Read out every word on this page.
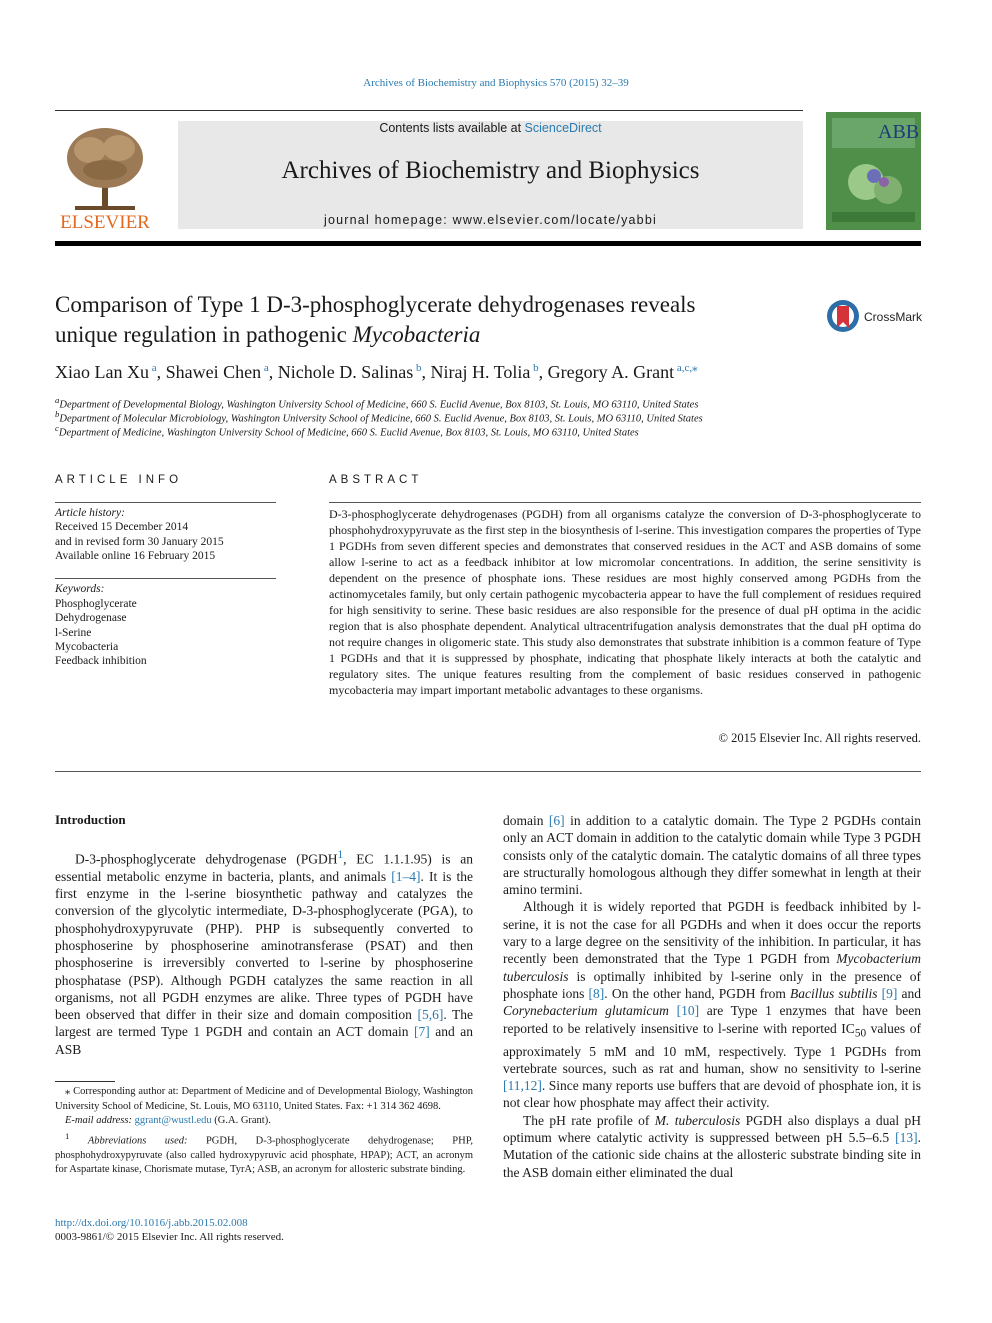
Archives of Biochemistry and Biophysics 570 (2015) 32–39
ELSEVIER
Contents lists available at ScienceDirect
Archives of Biochemistry and Biophysics
journal homepage: www.elsevier.com/locate/yabbi
ABB
Comparison of Type 1 D-3-phosphoglycerate dehydrogenases reveals
unique regulation in pathogenic Mycobacteria
CrossMark
Xiao Lan Xu $^a$, Shawei Chen $^a$, Nichole D. Salinas $^b$, Niraj H. Tolia $^b$, Gregory A. Grant $^{a,c,⁎}$
$^a$Department of Developmental Biology, Washington University School of Medicine, 660 S. Euclid Avenue, Box 8103, St. Louis, MO 63110, United States
$^b$Department of Molecular Microbiology, Washington University School of Medicine, 660 S. Euclid Avenue, Box 8103, St. Louis, MO 63110, United States
$^c$Department of Medicine, Washington University School of Medicine, 660 S. Euclid Avenue, Box 8103, St. Louis, MO 63110, United States
ARTICLE INFO	ABSTRACT
Article history:
Received 15 December 2014
and in revised form 30 January 2015
Available online 16 February 2015
Keywords:
Phosphoglycerate
Dehydrogenase
l-Serine
Mycobacteria
Feedback inhibition
D-3-phosphoglycerate dehydrogenases (PGDH) from all organisms catalyze the conversion of D-3-phosphoglycerate to phosphohydroxypyruvate as the first step in the biosynthesis of l-serine. This investigation compares the properties of Type 1 PGDHs from seven different species and demonstrates that conserved residues in the ACT and ASB domains of some allow l-serine to act as a feedback inhibitor at low micromolar concentrations. In addition, the serine sensitivity is dependent on the presence of phosphate ions. These residues are most highly conserved among PGDHs from the actinomycetales family, but only certain pathogenic mycobacteria appear to have the full complement of residues required for high sensitivity to serine. These basic residues are also responsible for the presence of dual pH optima in the acidic region that is also phosphate dependent. Analytical ultracentrifugation analysis demonstrates that the dual pH optima do not require changes in oligomeric state. This study also demonstrates that substrate inhibition is a common feature of Type 1 PGDHs and that it is suppressed by phosphate, indicating that phosphate likely interacts at both the catalytic and regulatory sites. The unique features resulting from the complement of basic residues conserved in pathogenic mycobacteria may impart important metabolic advantages to these organisms.
© 2015 Elsevier Inc. All rights reserved.
Introduction

D-3-phosphoglycerate dehydrogenase (PGDH$^1$, EC 1.1.1.95) is an essential metabolic enzyme in bacteria, plants, and animals [1–4]. It is the first enzyme in the l-serine biosynthetic pathway and catalyzes the conversion of the glycolytic intermediate, D-3-phosphoglycerate (PGA), to phosphohydroxypyruvate (PHP). PHP is subsequently converted to phosphoserine by phosphoserine aminotransferase (PSAT) and then phosphoserine is irreversibly converted to l-serine by phosphoserine phosphatase (PSP). Although PGDH catalyzes the same reaction in all organisms, not all PGDH enzymes are alike. Three types of PGDH have been observed that differ in their size and domain composition [5,6]. The largest are termed Type 1 PGDH and contain an ACT domain [7] and an ASB

domain [6] in addition to a catalytic domain. The Type 2 PGDHs contain only an ACT domain in addition to the catalytic domain while Type 3 PGDH consists only of the catalytic domain. The catalytic domains of all three types are structurally homologous although they differ somewhat in length at their amino termini.

Although it is widely reported that PGDH is feedback inhibited by l-serine, it is not the case for all PGDHs and when it does occur the reports vary to a large degree on the sensitivity of the inhibition. In particular, it has recently been demonstrated that the Type 1 PGDH from Mycobacterium tuberculosis is optimally inhibited by l-serine only in the presence of phosphate ions [8]. On the other hand, PGDH from Bacillus subtilis [9] and Corynebacterium glutamicum [10] are Type 1 enzymes that have been reported to be relatively insensitive to l-serine with reported $IC_{50}$ values of approximately 5 mM and 10 mM, respectively. Type 1 PGDHs from vertebrate sources, such as rat and human, show no sensitivity to l-serine [11,12]. Since many reports use buffers that are devoid of phosphate ion, it is not clear how phosphate may affect their activity.

The pH rate profile of M. tuberculosis PGDH also displays a dual pH optimum where catalytic activity is suppressed between pH 5.5–6.5 [13]. Mutation of the cationic side chains at the allosteric substrate binding site in the ASB domain either eliminated the dual

⁎ Corresponding author at: Department of Medicine and of Developmental Biology, Washington University School of Medicine, St. Louis, MO 63110, United States. Fax: +1 314 362 4698.

E-mail address: ggrant@wustl.edu (G.A. Grant).

$^1$ Abbreviations used: PGDH, D-3-phosphoglycerate dehydrogenase; PHP, phosphohydroxypyruvate (also called hydroxypyruvic acid phosphate, HPAP); ACT, an acronym for Aspartate kinase, Chorismate mutase, TyrA; ASB, an acronym for allosteric substrate binding.

http://dx.doi.org/10.1016/j.abb.2015.02.008
0003-9861/© 2015 Elsevier Inc. All rights reserved.
